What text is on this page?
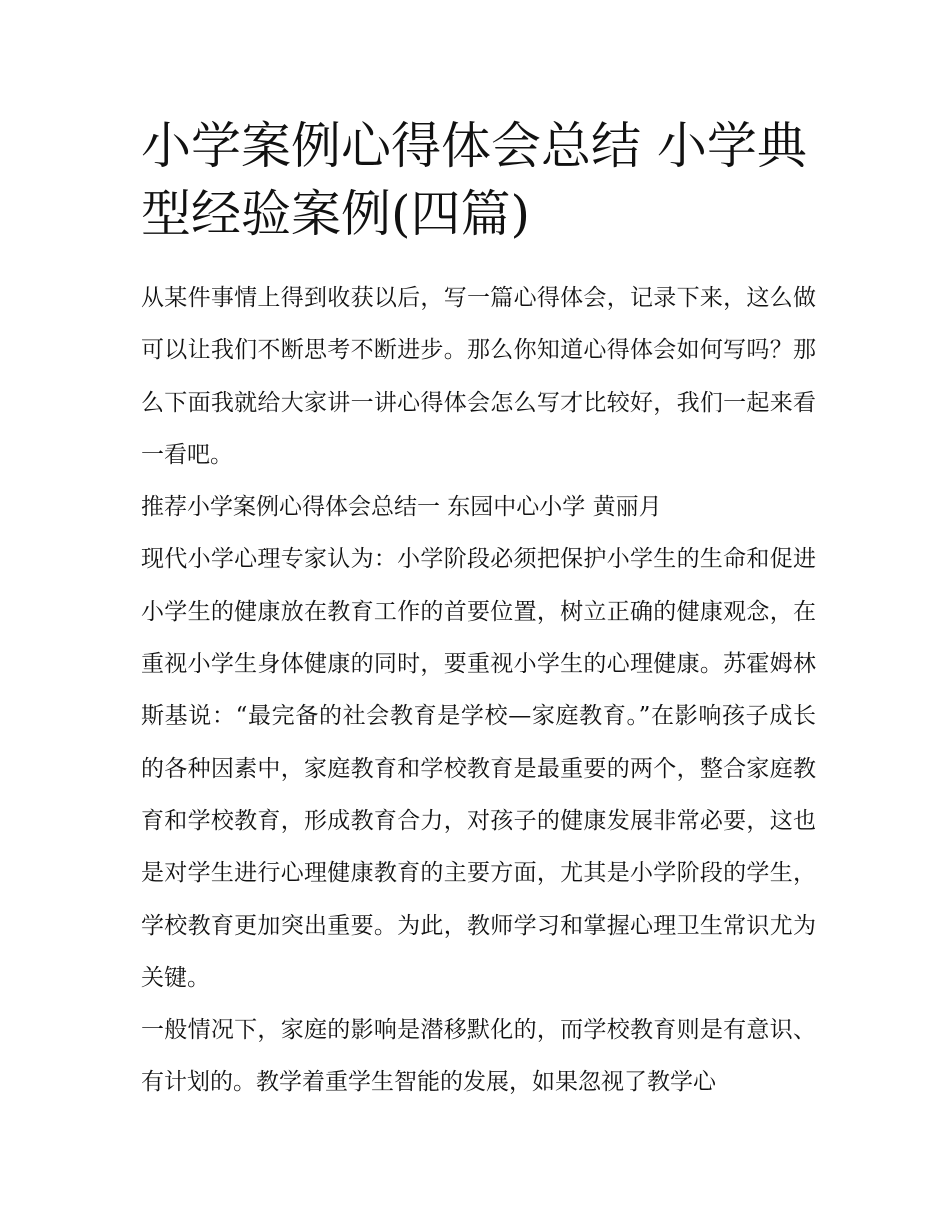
小学案例心得体会总结 小学典型经验案例(四篇)

从某件事情上得到收获以后，写一篇心得体会，记录下来，这么做可以让我们不断思考不断进步。那么你知道心得体会如何写吗？那么下面我就给大家讲一讲心得体会怎么写才比较好，我们一起来看一看吧。

推荐小学案例心得体会总结一 东园中心小学 黄丽月

现代小学心理专家认为：小学阶段必须把保护小学生的生命和促进小学生的健康放在教育工作的首要位置，树立正确的健康观念，在重视小学生身体健康的同时，要重视小学生的心理健康。苏霍姆林斯基说：“最完备的社会教育是学校—家庭教育。”在影响孩子成长的各种因素中，家庭教育和学校教育是最重要的两个，整合家庭教育和学校教育，形成教育合力，对孩子的健康发展非常必要，这也是对学生进行心理健康教育的主要方面，尤其是小学阶段的学生，学校教育更加突出重要。为此，教师学习和掌握心理卫生常识尤为关键。

一般情况下，家庭的影响是潜移默化的，而学校教育则是有意识、有计划的。教学着重学生智能的发展，如果忽视了教学心
